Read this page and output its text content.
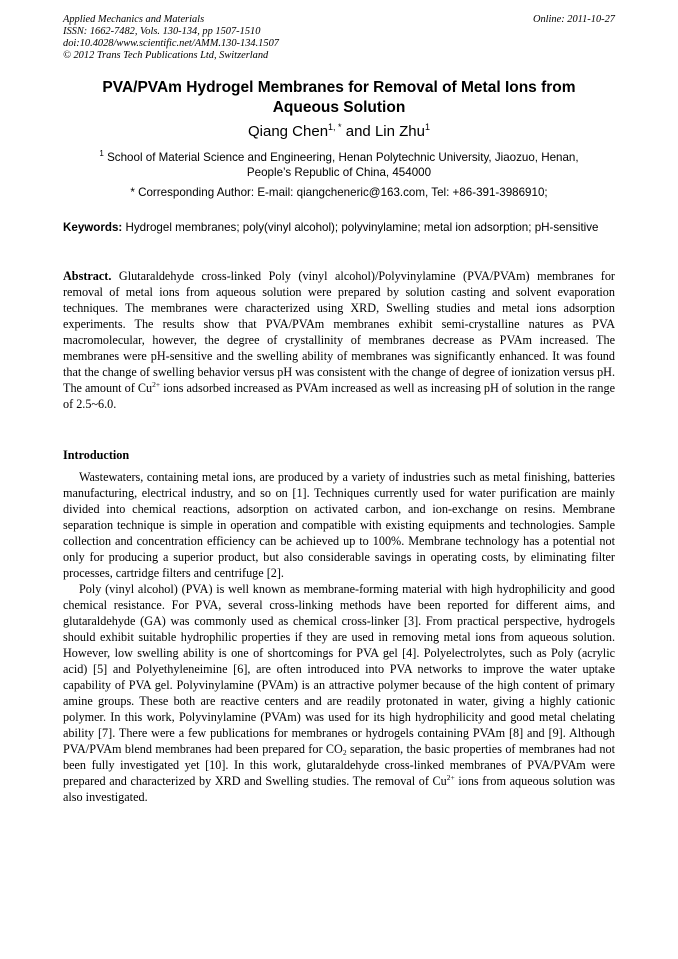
Applied Mechanics and Materials
ISSN: 1662-7482, Vols. 130-134, pp 1507-1510
doi:10.4028/www.scientific.net/AMM.130-134.1507
© 2012 Trans Tech Publications Ltd, Switzerland
Online: 2011-10-27
PVA/PVAm Hydrogel Membranes for Removal of Metal Ions from
Aqueous Solution
Qiang Chen$^{1, *}$ and Lin Zhu$^1$
$^1$ School of Material Science and Engineering, Henan Polytechnic University, Jiaozuo, Henan,
People’s Republic of China, 454000
* Corresponding Author: E-mail: qiangcheneric@163.com, Tel: +86-391-3986910;
Keywords: Hydrogel membranes; poly(vinyl alcohol); polyvinylamine; metal ion adsorption; pH-sensitive
Abstract. Glutaraldehyde cross-linked Poly (vinyl alcohol)/Polyvinylamine (PVA/PVAm) membranes for removal of metal ions from aqueous solution were prepared by solution casting and solvent evaporation techniques. The membranes were characterized using XRD, Swelling studies and metal ions adsorption experiments. The results show that PVA/PVAm membranes exhibit semi-crystalline natures as PVA macromolecular, however, the degree of crystallinity of membranes decrease as PVAm increased. The membranes were pH-sensitive and the swelling ability of membranes was significantly enhanced. It was found that the change of swelling behavior versus pH was consistent with the change of degree of ionization versus pH. The amount of $Cu^{2+}$ ions adsorbed increased as PVAm increased as well as increasing pH of solution in the range of 2.5~6.0.
Introduction

Wastewaters, containing metal ions, are produced by a variety of industries such as metal finishing, batteries manufacturing, electrical industry, and so on [1]. Techniques currently used for water purification are mainly divided into chemical reactions, adsorption on activated carbon, and ion-exchange on resins. Membrane separation technique is simple in operation and compatible with existing equipments and technologies. Sample collection and concentration efficiency can be achieved up to 100%. Membrane technology has a potential not only for producing a superior product, but also considerable savings in operating costs, by eliminating filter processes, cartridge filters and centrifuge [2].

Poly (vinyl alcohol) (PVA) is well known as membrane-forming material with high hydrophilicity and good chemical resistance. For PVA, several cross-linking methods have been reported for different aims, and glutaraldehyde (GA) was commonly used as chemical cross-linker [3]. From practical perspective, hydrogels should exhibit suitable hydrophilic properties if they are used in removing metal ions from aqueous solution. However, low swelling ability is one of shortcomings for PVA gel [4]. Polyelectrolytes, such as Poly (acrylic acid) [5] and Polyethyleneimine [6], are often introduced into PVA networks to improve the water uptake capability of PVA gel. Polyvinylamine (PVAm) is an attractive polymer because of the high content of primary amine groups. These both are reactive centers and are readily protonated in water, giving a highly cationic polymer. In this work, Polyvinylamine (PVAm) was used for its high hydrophilicity and good metal chelating ability [7]. There were a few publications for membranes or hydrogels containing PVAm [8] and [9]. Although PVA/PVAm blend membranes had been prepared for $CO_2$ separation, the basic properties of membranes had not been fully investigated yet [10]. In this work, glutaraldehyde cross-linked membranes of PVA/PVAm were prepared and characterized by XRD and Swelling studies. The removal of $Cu^{2+}$ ions from aqueous solution was also investigated.
